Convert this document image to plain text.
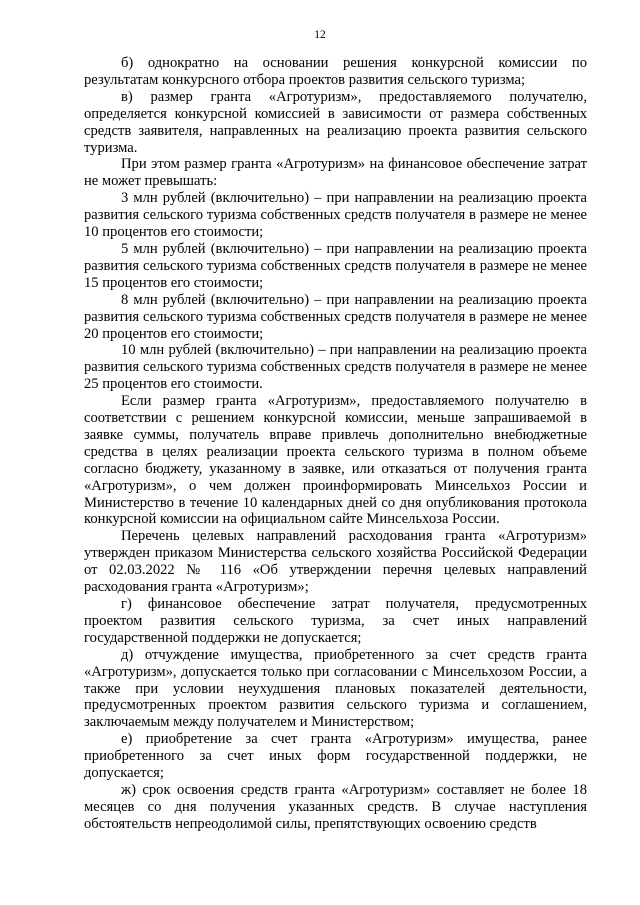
12

б) однократно на основании решения конкурсной комиссии по результатам конкурсного отбора проектов развития сельского туризма;

в) размер гранта «Агротуризм», предоставляемого получателю, определяется конкурсной комиссией в зависимости от размера собственных средств заявителя, направленных на реализацию проекта развития сельского туризма.

При этом размер гранта «Агротуризм» на финансовое обеспечение затрат не может превышать:

3 млн рублей (включительно) – при направлении на реализацию проекта развития сельского туризма собственных средств получателя в размере не менее 10 процентов его стоимости;

5 млн рублей (включительно) – при направлении на реализацию проекта развития сельского туризма собственных средств получателя в размере не менее 15 процентов его стоимости;

8 млн рублей (включительно) – при направлении на реализацию проекта развития сельского туризма собственных средств получателя в размере не менее 20 процентов его стоимости;

10 млн рублей (включительно) – при направлении на реализацию проекта развития сельского туризма собственных средств получателя в размере не менее 25 процентов его стоимости.

Если размер гранта «Агротуризм», предоставляемого получателю в соответствии с решением конкурсной комиссии, меньше запрашиваемой в заявке суммы, получатель вправе привлечь дополнительно внебюджетные средства в целях реализации проекта сельского туризма в полном объеме согласно бюджету, указанному в заявке, или отказаться от получения гранта «Агротуризм», о чем должен проинформировать Минсельхоз России и Министерство в течение 10 календарных дней со дня опубликования протокола конкурсной комиссии на официальном сайте Минсельхоза России.

Перечень целевых направлений расходования гранта «Агротуризм» утвержден приказом Министерства сельского хозяйства Российской Федерации от 02.03.2022 № 116 «Об утверждении перечня целевых направлений расходования гранта «Агротуризм»;

г) финансовое обеспечение затрат получателя, предусмотренных проектом развития сельского туризма, за счет иных направлений государственной поддержки не допускается;

д) отчуждение имущества, приобретенного за счет средств гранта «Агротуризм», допускается только при согласовании с Минсельхозом России, а также при условии неухудшения плановых показателей деятельности, предусмотренных проектом развития сельского туризма и соглашением, заключаемым между получателем и Министерством;

е) приобретение за счет гранта «Агротуризм» имущества, ранее приобретенного за счет иных форм государственной поддержки, не допускается;

ж) срок освоения средств гранта «Агротуризм» составляет не более 18 месяцев со дня получения указанных средств. В случае наступления обстоятельств непреодолимой силы, препятствующих освоению средств
